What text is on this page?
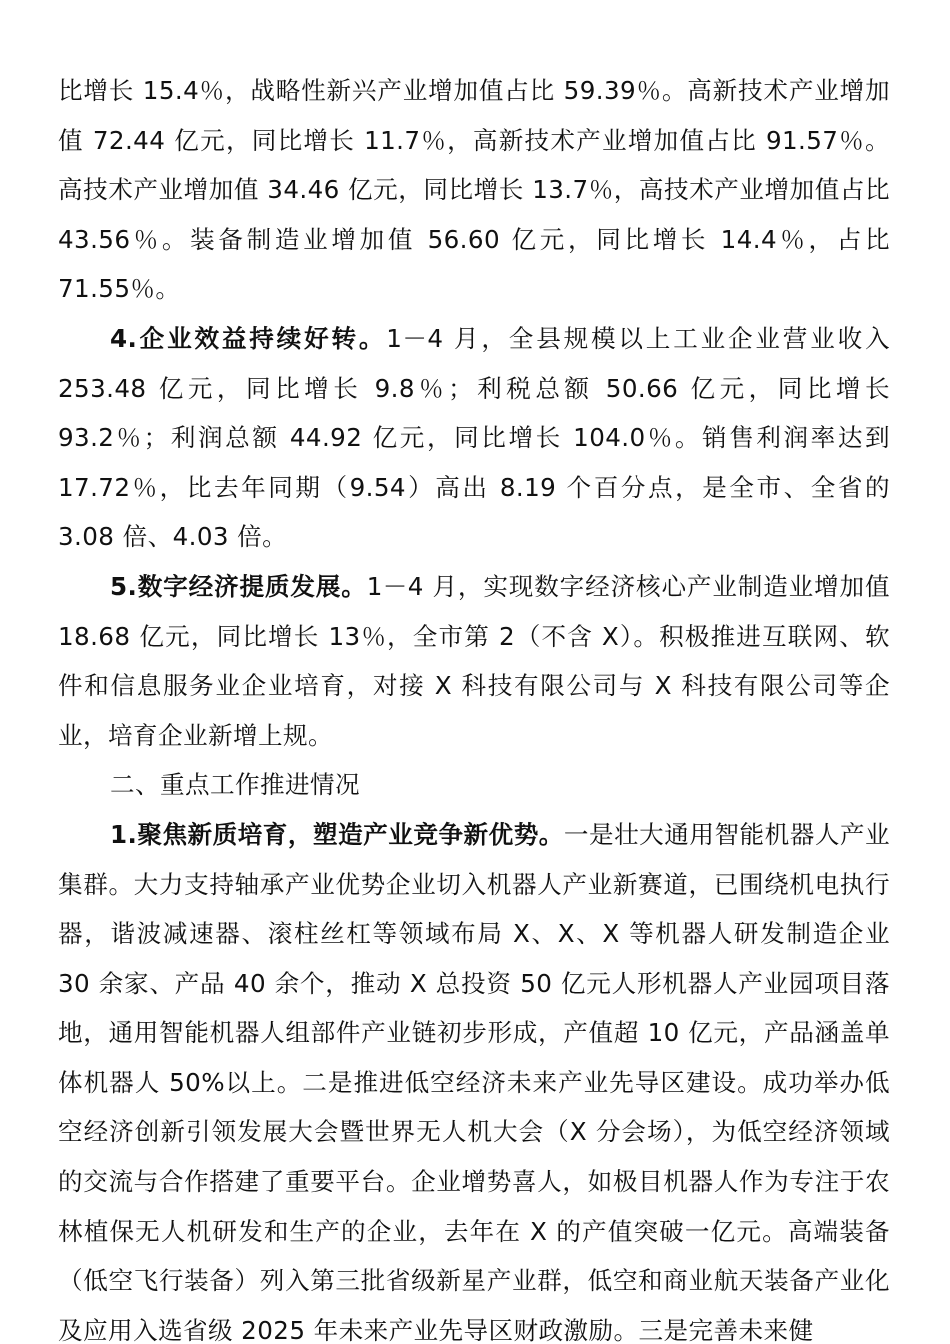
比增长 15.4％，战略性新兴产业增加值占比 59.39％。高新技术产业增加值 72.44 亿元，同比增长 11.7％，高新技术产业增加值占比 91.57％。高技术产业增加值 34.46 亿元，同比增长 13.7％，高技术产业增加值占比 43.56％。装备制造业增加值 56.60 亿元，同比增长 14.4％，占比 71.55％。

4.企业效益持续好转。1－4 月，全县规模以上工业企业营业收入 253.48 亿元，同比增长 9.8％；利税总额 50.66 亿元，同比增长 93.2％；利润总额 44.92 亿元，同比增长 104.0％。销售利润率达到 17.72％，比去年同期（9.54）高出 8.19 个百分点，是全市、全省的 3.08 倍、4.03 倍。

5.数字经济提质发展。1－4 月，实现数字经济核心产业制造业增加值 18.68 亿元，同比增长 13％，全市第 2（不含 X）。积极推进互联网、软件和信息服务业企业培育，对接 X 科技有限公司与 X 科技有限公司等企业，培育企业新增上规。

二、重点工作推进情况

1.聚焦新质培育，塑造产业竞争新优势。一是壮大通用智能机器人产业集群。大力支持轴承产业优势企业切入机器人产业新赛道，已围绕机电执行器，谐波减速器、滚柱丝杠等领域布局 X、X、X 等机器人研发制造企业 30 余家、产品 40 余个，推动 X 总投资 50 亿元人形机器人产业园项目落地，通用智能机器人组部件产业链初步形成，产值超 10 亿元，产品涵盖单体机器人 50%以上。二是推进低空经济未来产业先导区建设。成功举办低空经济创新引领发展大会暨世界无人机大会（X 分会场），为低空经济领域的交流与合作搭建了重要平台。企业增势喜人，如极目机器人作为专注于农林植保无人机研发和生产的企业，去年在 X 的产值突破一亿元。高端装备（低空飞行装备）列入第三批省级新星产业群，低空和商业航天装备产业化及应用入选省级 2025 年未来产业先导区财政激励。三是完善未来健
